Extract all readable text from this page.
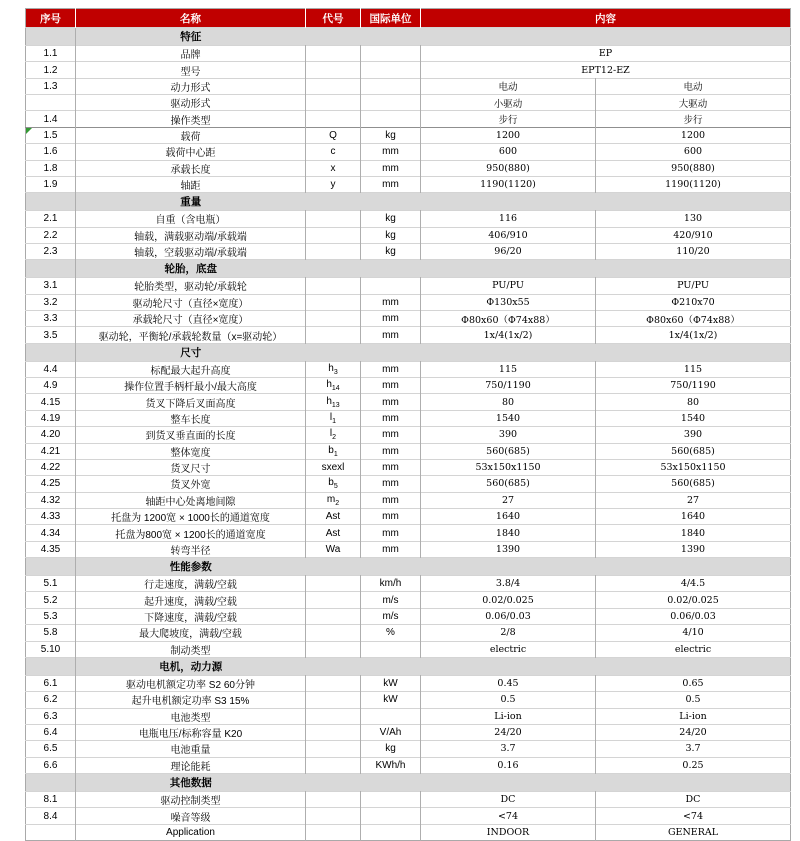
序号	名称	代号	国际单位	内容	
	特征				
1.1	品牌			EP	
1.2	型号			EPT12-EZ	
1.3	动力形式			电动	电动
	驱动形式			小驱动	大驱动
1.4	操作类型			步行	步行
1.5	载荷	Q	kg	1200	1200
1.6	载荷中心距	c	mm	600	600
1.8	承载长度	x	mm	950(880)	950(880)
1.9	轴距	y	mm	1190(1120)	1190(1120)
	重量				
2.1	自重（含电瓶）		kg	116	130
2.2	轴载，满载驱动端/承载端		kg	406/910	420/910
2.3	轴载，空载驱动端/承载端		kg	96/20	110/20
	轮胎，底盘				
3.1	轮胎类型，驱动轮/承载轮			PU/PU	PU/PU
3.2	驱动轮尺寸（直径×宽度）		mm	Φ130x55	Φ210x70
3.3	承载轮尺寸（直径×宽度）		mm	Φ80x60（Φ74x88）	Φ80x60（Φ74x88）
3.5	驱动轮，平衡轮/承载轮数量（x=驱动轮）		mm	1x/4(1x/2)	1x/4(1x/2)
	尺寸				
4.4	标配最大起升高度	$h_3$	mm	115	115
4.9	操作位置手柄杆最小/最大高度	$h_{14}$	mm	750/1190	750/1190
4.15	货叉下降后叉面高度	$h_{13}$	mm	80	80
4.19	整车长度	$l_1$	mm	1540	1540
4.20	到货叉垂直面的长度	$l_2$	mm	390	390
4.21	整体宽度	$b_1$	mm	560(685)	560(685)
4.22	货叉尺寸	sxexl	mm	53x150x1150	53x150x1150
4.25	货叉外宽	$b_5$	mm	560(685)	560(685)
4.32	轴距中心处离地间隙	$m_2$	mm	27	27
4.33	托盘为 1200宽 × 1000长的通道宽度	Ast	mm	1640	1640
4.34	托盘为800宽 × 1200长的通道宽度	Ast	mm	1840	1840
4.35	转弯半径	Wa	mm	1390	1390
	性能参数				
5.1	行走速度，满载/空载		km/h	3.8/4	4/4.5
5.2	起升速度，满载/空载		m/s	0.02/0.025	0.02/0.025
5.3	下降速度，满载/空载		m/s	0.06/0.03	0.06/0.03
5.8	最大爬坡度，满载/空载		%	2/8	4/10
5.10	制动类型			electric	electric
	电机，动力源				
6.1	驱动电机额定功率 S2 60分钟		kW	0.45	0.65
6.2	起升电机额定功率 S3 15%		kW	0.5	0.5
6.3	电池类型			Li-ion	Li-ion
6.4	电瓶电压/标称容量 K20		V/Ah	24/20	24/20
6.5	电池重量		kg	3.7	3.7
6.6	理论能耗		KWh/h	0.16	0.25
	其他数据				
8.1	驱动控制类型			DC	DC
8.4	噪音等级			<74	<74
	Application			INDOOR	GENERAL
